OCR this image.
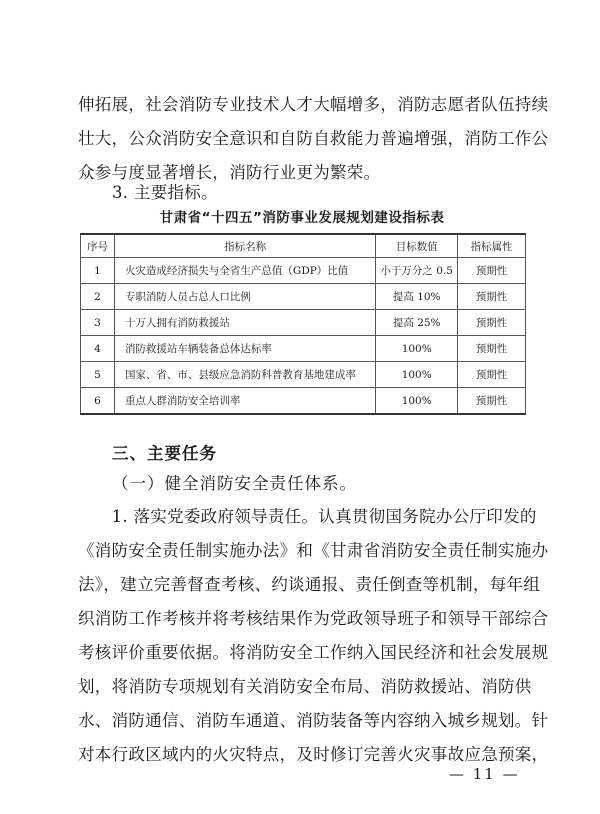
伸拓展，社会消防专业技术人才大幅增多，消防志愿者队伍持续
壮大，公众消防安全意识和自防自救能力普遍增强，消防工作公
众参与度显著增长，消防行业更为繁荣。

3. 主要指标。
甘肃省“十四五”消防事业发展规划建设指标表
序号	指标名称	目标数值	指标属性
1	火灾造成经济损失与全省生产总值（GDP）比值	小于万分之 0.5	预期性
2	专职消防人员占总人口比例	提高 10%	预期性
3	十万人拥有消防救援站	提高 25%	预期性
4	消防救援站车辆装备总体达标率	100%	预期性
5	国家、省、市、县级应急消防科普教育基地建成率	100%	预期性
6	重点人群消防安全培训率	100%	预期性
三、主要任务
（一）健全消防安全责任体系。

　　1. 落实党委政府领导责任。认真贯彻国务院办公厅印发的
《消防安全责任制实施办法》和《甘肃省消防安全责任制实施办
法》，建立完善督查考核、约谈通报、责任倒查等机制，每年组
织消防工作考核并将考核结果作为党政领导班子和领导干部综合
考核评价重要依据。将消防安全工作纳入国民经济和社会发展规
划，将消防专项规划有关消防安全布局、消防救援站、消防供
水、消防通信、消防车通道、消防装备等内容纳入城乡规划。针
对本行政区域内的火灾特点，及时修订完善火灾事故应急预案，

— 11 —
